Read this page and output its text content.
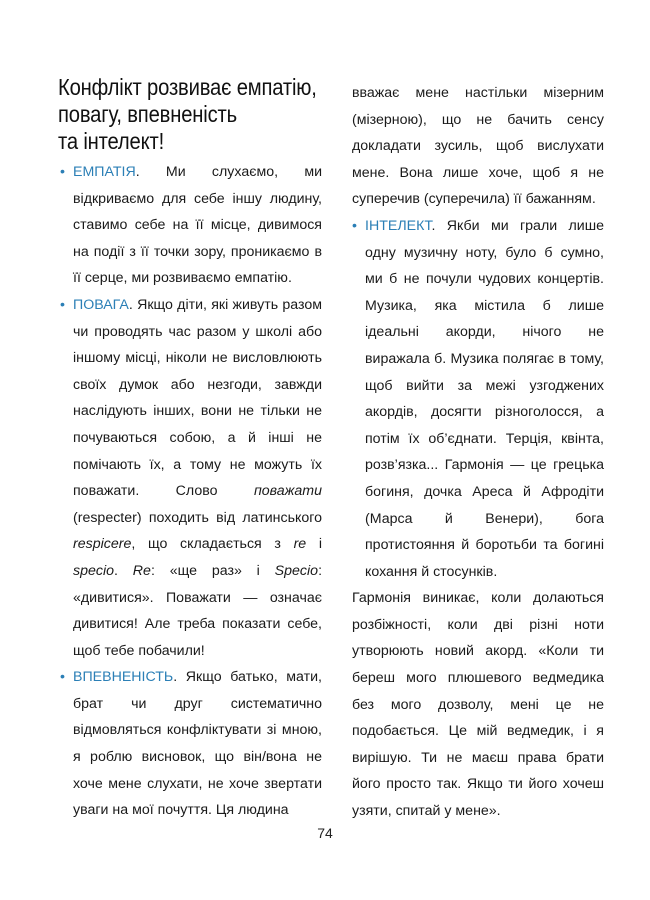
Конфлікт розвиває емпатію,
повагу, впевненість
та інтелект!

• ЕМПАТІЯ. Ми слухаємо, ми відкриваємо для себе іншу людину, ставимо себе на її місце, дивимося на події з її точки зору, проникаємо в її серце, ми розвиваємо емпатію.

• ПОВАГА. Якщо діти, які живуть разом чи проводять час разом у школі або іншому місці, ніколи не висловлюють своїх думок або незгоди, завжди наслідують інших, вони не тільки не почуваються собою, а й інші не помічають їх, а тому не можуть їх поважати. Слово поважати (respecter) походить від латинського respicere, що складається з re і specio. Re: «ще раз» і Specio: «дивитися». Поважати — означає дивитися! Але треба показати себе, щоб тебе побачили!

• ВПЕВНЕНІСТЬ. Якщо батько, мати, брат чи друг систематично відмовляться конфліктувати зі мною, я роблю висновок, що він/вона не хоче мене слухати, не хоче звертати уваги на мої почуття. Ця людина

вважає мене настільки мізерним (мізерною), що не бачить сенсу докладати зусиль, щоб вислухати мене. Вона лише хоче, щоб я не суперечив (суперечила) її бажанням.

• ІНТЕЛЕКТ. Якби ми грали лише одну музичну ноту, було б сумно, ми б не почули чудових концертів. Музика, яка містила б лише ідеальні акорди, нічого не виражала б. Музика полягає в тому, щоб вийти за межі узгоджених акордів, досягти різноголосся, а потім їх об’єднати. Терція, квінта, розв’язка... Гармонія — це грецька богиня, дочка Ареса й Афродіти (Марса й Венери), бога протистояння й боротьби та богині кохання й стосунків.

Гармонія виникає, коли долаються розбіжності, коли дві різні ноти утворюють новий акорд. «Коли ти береш мого плюшевого ведмедика без мого дозволу, мені це не подобається. Це мій ведмедик, і я вирішую. Ти не маєш права брати його просто так. Якщо ти його хочеш узяти, спитай у мене».

74
